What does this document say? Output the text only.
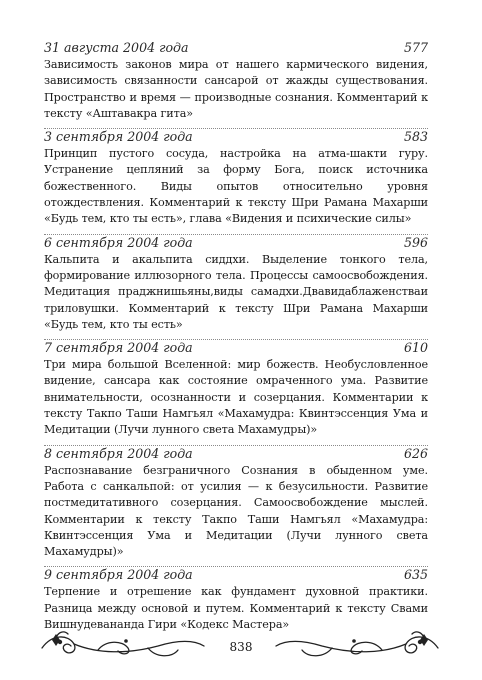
31 августа 2004 года	577
Зависимость законов мира от нашего кармического видения, зависимость связанности сансарой от жажды существования. Пространство и время — производные сознания. Комментарий к тексту «Аштавакра гита»
3 сентября 2004 года	583
Принцип пустого сосуда, настройка на атма-шакти гуру. Устранение цепляний за форму Бога, поиск источника божественного. Виды опытов относительно уровня отождествления. Комментарий к тексту Шри Рамана Махарши «Будь тем, кто ты есть», глава «Видения и психические силы»
6 сентября 2004 года	596
Кальпита и акальпита сиддхи. Выделение тонкого тела, формирование иллюзорного тела. Процессы самоосвобождения. Медитация праджнишьяны,виды самадхи.Двавидаблаженстваи триловушки. Комментарий к тексту Шри Рамана Махарши «Будь тем, кто ты есть»
7 сентября 2004 года	610
Три мира большой Вселенной: мир божеств. Необусловленное видение, сансара как состояние омраченного ума. Развитие внимательности, осознанности и созерцания. Комментарии к тексту Такпо Таши Намгьял «Махамудра: Квинтэссенция Ума и Медитации (Лучи лунного света Махамудры)»
8 сентября 2004 года	626
Распознавание безграничного Сознания в обыденном уме. Работа с санкальпой: от усилия — к безусильности. Развитие постмедитативного созерцания. Самоосвобождение мыслей. Комментарии к тексту Такпо Таши Намгьял «Махамудра: Квинтэссенция Ума и Медитации (Лучи лунного света Махамудры)»
9 сентября 2004 года	635
Терпение и отрешение как фундамент духовной практики. Разница между основой и путем. Комментарий к тексту Свами Вишнудевананда Гири «Кодекс Мастера»
838
